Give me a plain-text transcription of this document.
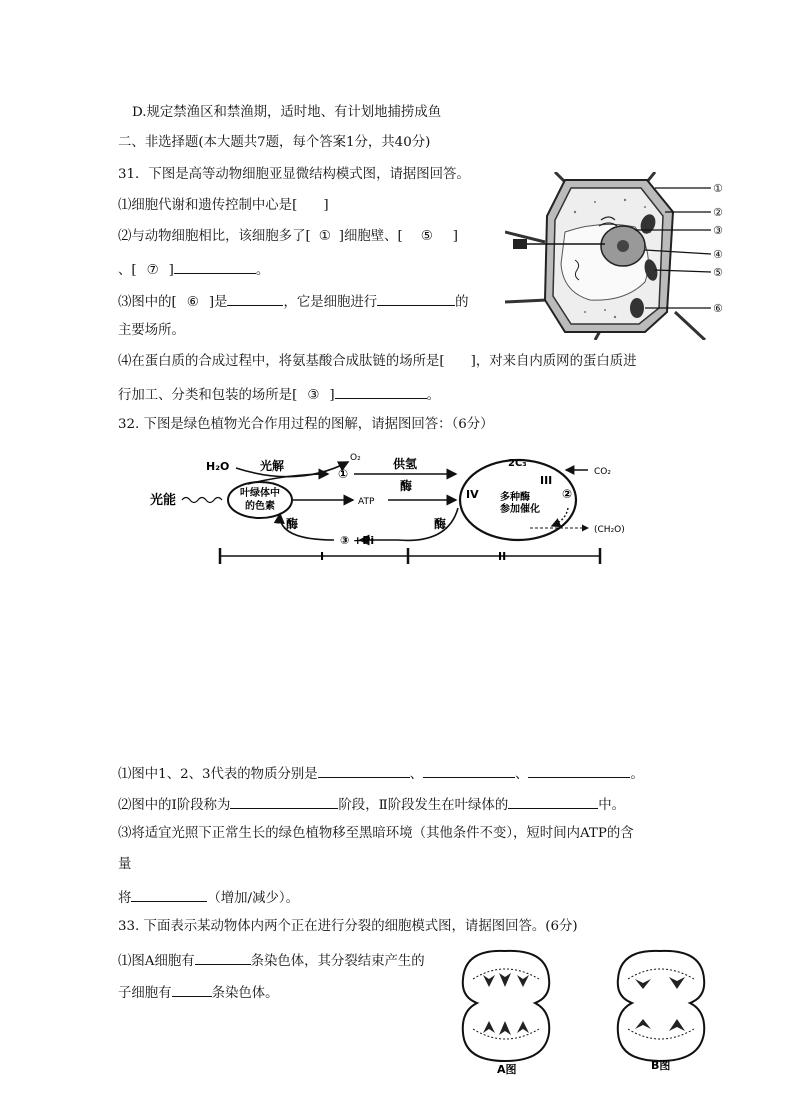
D.规定禁渔区和禁渔期，适时地、有计划地捕捞成鱼
二、非选择题(本大题共7题，每个答案1分，共40分)
31．下图是高等动物细胞亚显微结构模式图，请据图回答。
⑴细胞代谢和遗传控制中心是[ ]
⑵与动物细胞相比，该细胞多了[ ① ]细胞壁、[ ⑤ ]
、[ ⑦ ]	。
⑶图中的[ ⑥ ]是	，它是细胞进行	的
主要场所。
⑷在蛋白质的合成过程中，将氨基酸合成肽链的场所是[ ]，对来自内质网的蛋白质进
行加工、分类和包装的场所是[ ③ ]	。
32. 下图是绿色植物光合作用过程的图解，请据图回答：（6分）
⑴图中1、2、3代表的物质分别是	、	、	。
⑵图中的Ⅰ阶段称为	阶段，Ⅱ阶段发生在叶绿体的	中。
⑶将适宜光照下正常生长的绿色植物移至黑暗环境（其他条件不变），短时间内ATP的含
量
将	（增加/减少）。
33. 下面表示某动物体内两个正在进行分裂的细胞模式图，请据图回答。(6分)
⑴图A细胞有	条染色体，其分裂结束产生的
子细胞有	条染色体。
①
②
③
④
⑤
⑥
叶绿体中
的色素
光能
H₂O	光解
O₂
①
供氢
酶
ATP
③ +Pi
酶	酶
2C₃
III
IV 多种酶
参加催化
CO₂
②
(CH₂O)
I	II
A图	B图
